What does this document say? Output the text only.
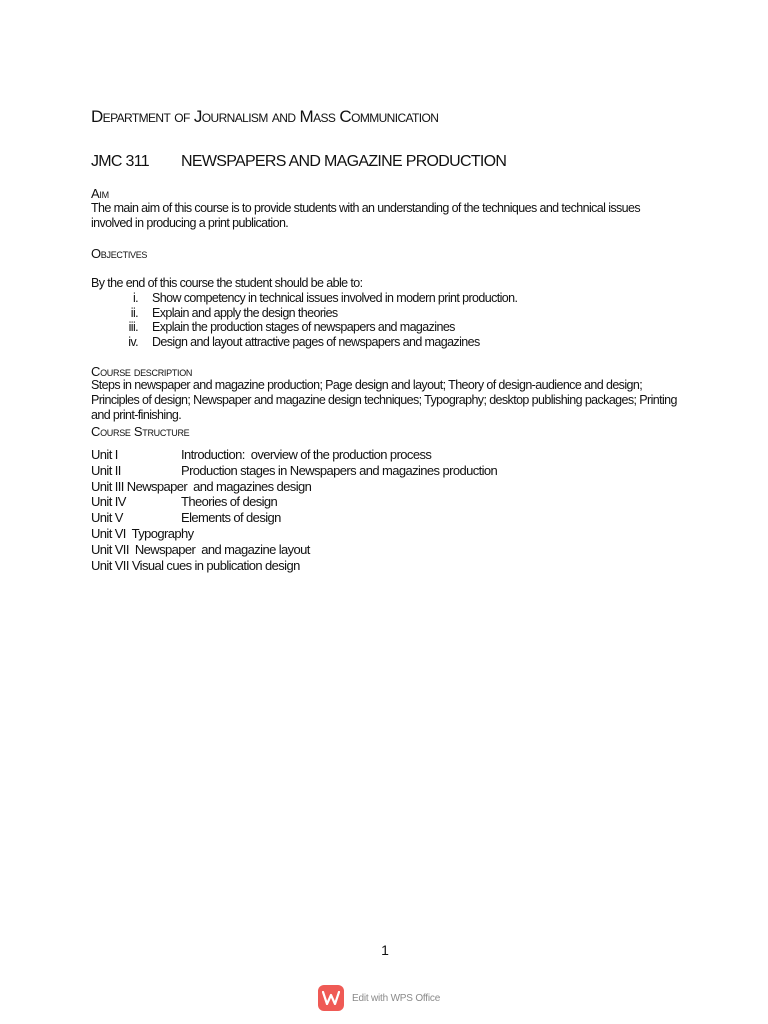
Department of Journalism and Mass Communication
JMC 311 NEWSPAPERS AND MAGAZINE PRODUCTION
Aim
The main aim of this course is to provide students with an understanding of the techniques and technical issues involved in producing a print publication.
Objectives
By the end of this course the student should be able to:
i.	Show competency in technical issues involved in modern print production.
ii.	Explain and apply the design theories
iii.	Explain the production stages of newspapers and magazines
iv.	Design and layout attractive pages of newspapers and magazines
Course description
Steps in newspaper and magazine production; Page design and layout; Theory of design-audience and design; Principles of design; Newspaper and magazine design techniques; Typography; desktop publishing packages; Printing and print-finishing.
Course Structure
Unit I	Introduction:  overview of the production process
Unit II	Production stages in Newspapers and magazines production
Unit III Newspaper  and magazines design
Unit IV	Theories of design
Unit V	Elements of design
Unit VI Typography
Unit VII Newspaper  and magazine layout
Unit VII Visual cues in publication design
1
Edit with WPS Office
